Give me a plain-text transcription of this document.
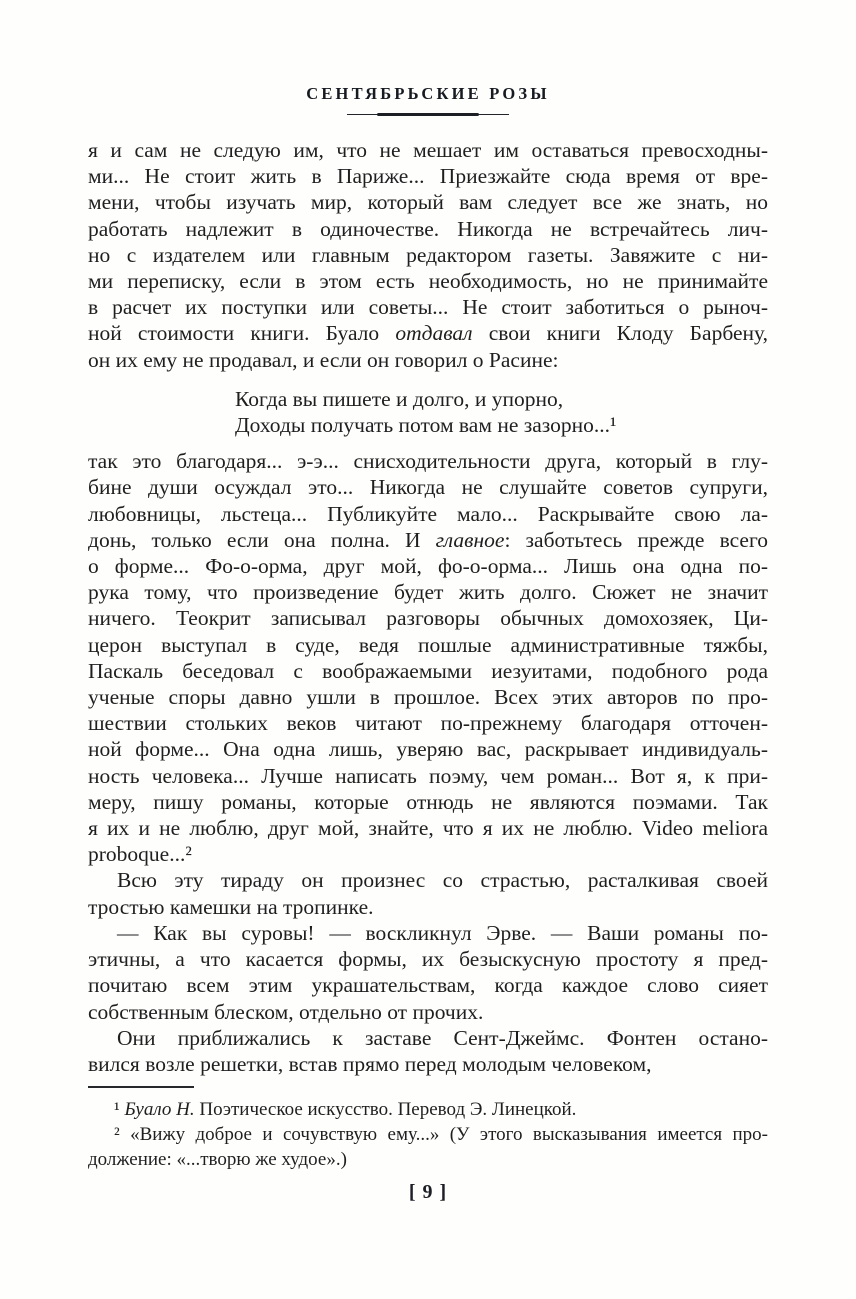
СЕНТЯБРЬСКИЕ РОЗЫ
я и сам не следую им, что не мешает им оставаться превосходны-
ми... Не стоит жить в Париже... Приезжайте сюда время от вре-
мени, чтобы изучать мир, который вам следует все же знать, но
работать надлежит в одиночестве. Никогда не встречайтесь лич-
но с издателем или главным редактором газеты. Завяжите с ни-
ми переписку, если в этом есть необходимость, но не принимайте
в расчет их поступки или советы... Не стоит заботиться о рыноч-
ной стоимости книги. Буало отдавал свои книги Клоду Барбену,
он их ему не продавал, и если он говорил о Расине:
Когда вы пишете и долго, и упорно,
Доходы получать потом вам не зазорно...¹
так это благодаря... э-э... снисходительности друга, который в глу-
бине души осуждал это... Никогда не слушайте советов супруги,
любовницы, льстеца... Публикуйте мало... Раскрывайте свою ла-
донь, только если она полна. И главное: заботьтесь прежде всего
о форме... Фо-о-орма, друг мой, фо-о-орма... Лишь она одна по-
рука тому, что произведение будет жить долго. Сюжет не значит
ничего. Теокрит записывал разговоры обычных домохозяек, Ци-
церон выступал в суде, ведя пошлые административные тяжбы,
Паскаль беседовал с воображаемыми иезуитами, подобного рода
ученые споры давно ушли в прошлое. Всех этих авторов по про-
шествии стольких веков читают по-прежнему благодаря отточен-
ной форме... Она одна лишь, уверяю вас, раскрывает индивидуаль-
ность человека... Лучше написать поэму, чем роман... Вот я, к при-
меру, пишу романы, которые отнюдь не являются поэмами. Так
я их и не люблю, друг мой, знайте, что я их не люблю. Video meliora
proboque...²
Всю эту тираду он произнес со страстью, расталкивая своей
тростью камешки на тропинке.
— Как вы суровы! — воскликнул Эрве. — Ваши романы по-
этичны, а что касается формы, их безыскусную простоту я пред-
почитаю всем этим украшательствам, когда каждое слово сияет
собственным блеском, отдельно от прочих.
Они приближались к заставе Сент-Джеймс. Фонтен остано-
вился возле решетки, встав прямо перед молодым человеком,
¹ Буало Н. Поэтическое искусство. Перевод Э. Линецкой.
² «Вижу доброе и сочувствую ему...» (У этого высказывания имеется про-
должение: «...творю же худое».)
[ 9 ]
